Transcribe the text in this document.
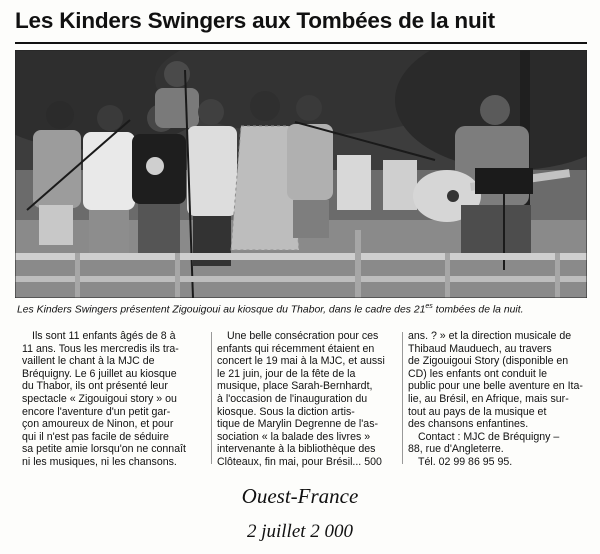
Les Kinders Swingers aux Tombées de la nuit
Les Kinders Swingers présentent Zigouigoui au kiosque du Thabor, dans le cadre des $21^{es}$ tombées de la nuit.
Ils sont 11 enfants âgés de 8 à
11 ans. Tous les mercredis ils tra-
vaillent le chant à la MJC de
Bréquigny. Le 6 juillet au kiosque
du Thabor, ils ont présenté leur
spectacle « Zigouigoui story » ou
encore l'aventure d'un petit gar-
çon amoureux de Ninon, et pour
qui il n'est pas facile de séduire
sa petite amie lorsqu'on ne connaît
ni les musiques, ni les chansons.
Une belle consécration pour ces
enfants qui récemment étaient en
concert le 19 mai à la MJC, et aussi
le 21 juin, jour de la fête de la
musique, place Sarah-Bernhardt,
à l'occasion de l'inauguration du
kiosque. Sous la diction artis-
tique de Marylin Degrenne de l'as-
sociation « la balade des livres »
intervenante à la bibliothèque des
Clôteaux, fin mai, pour Brésil... 500
ans. ? » et la direction musicale de
Thibaud Mauduech, au travers
de Zigouigoui Story (disponible en
CD) les enfants ont conduit le
public pour une belle aventure en Ita-
lie, au Brésil, en Afrique, mais sur-
tout au pays de la musique et
des chansons enfantines.
Contact : MJC de Bréquigny –
88, rue d'Angleterre.
Tél. 02 99 86 95 95.
Ouest-France
2 juillet 2 000
